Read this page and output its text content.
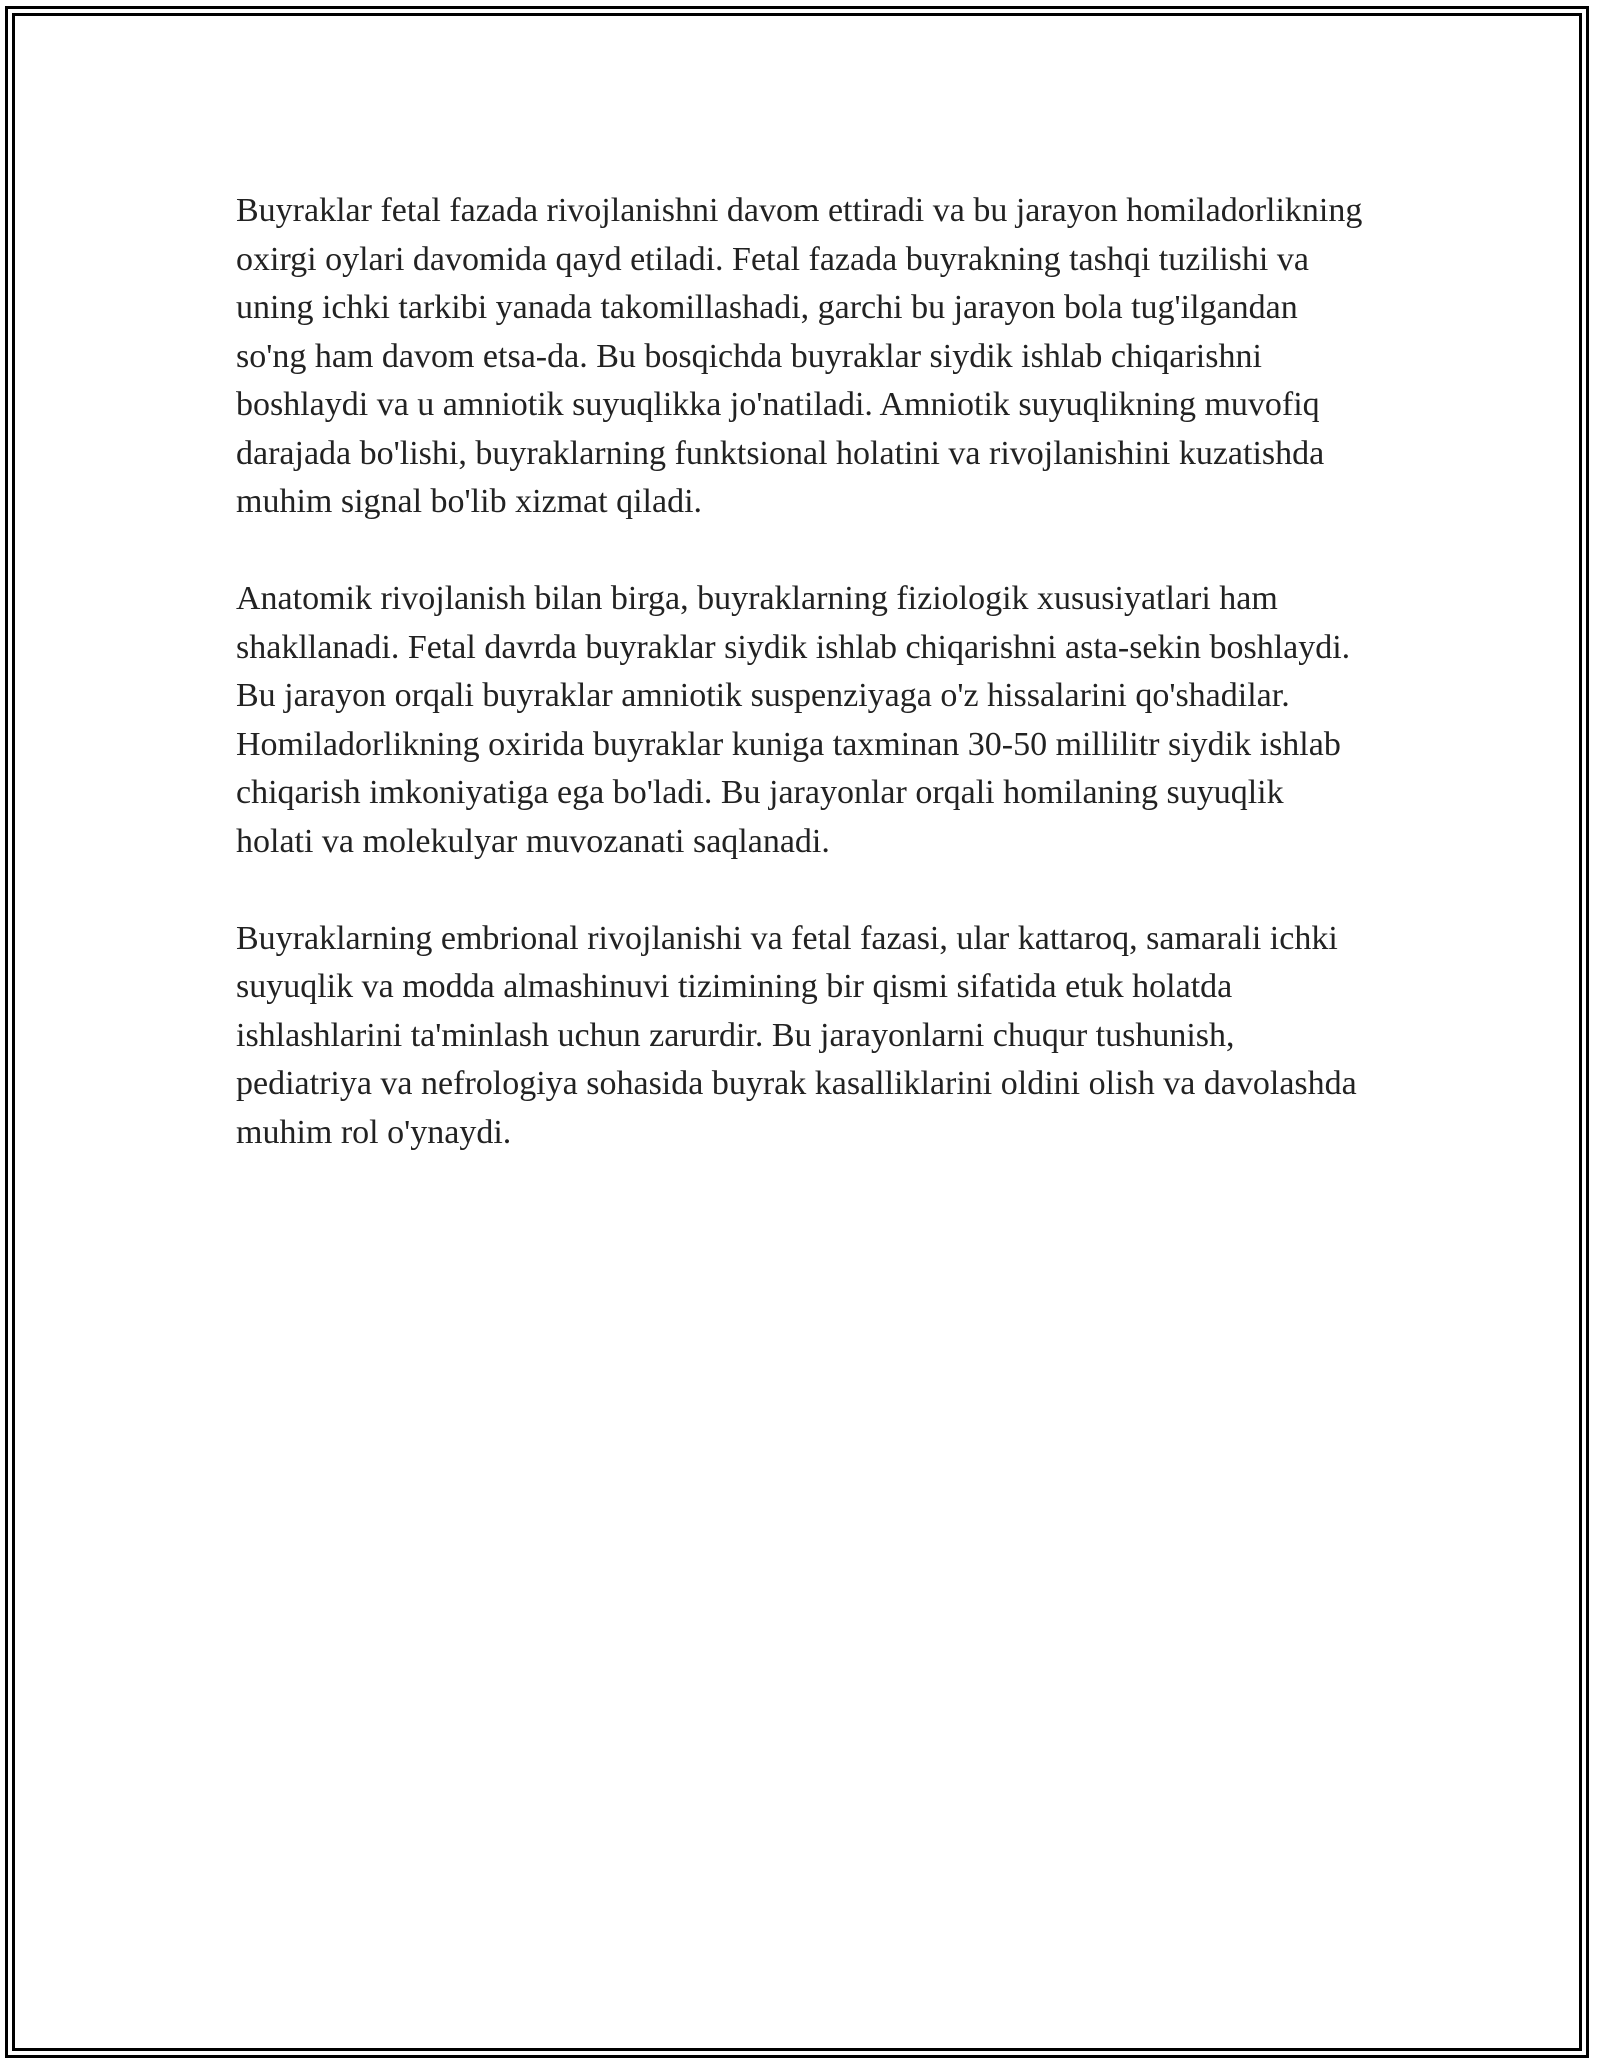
Buyraklar fetal fazada rivojlanishni davom ettiradi va bu jarayon homiladorlikning oxirgi oylari davomida qayd etiladi. Fetal fazada buyrakning tashqi tuzilishi va uning ichki tarkibi yanada takomillashadi, garchi bu jarayon bola tug'ilgandan so'ng ham davom etsa-da. Bu bosqichda buyraklar siydik ishlab chiqarishni boshlaydi va u amniotik suyuqlikka jo'natiladi. Amniotik suyuqlikning muvofiq darajada bo'lishi, buyraklarning funktsional holatini va rivojlanishini kuzatishda muhim signal bo'lib xizmat qiladi.

Anatomik rivojlanish bilan birga, buyraklarning fiziologik xususiyatlari ham shakllanadi. Fetal davrda buyraklar siydik ishlab chiqarishni asta-sekin boshlaydi. Bu jarayon orqali buyraklar amniotik suspenziyaga o'z hissalarini qo'shadilar. Homiladorlikning oxirida buyraklar kuniga taxminan 30-50 millilitr siydik ishlab chiqarish imkoniyatiga ega bo'ladi. Bu jarayonlar orqali homilaning suyuqlik holati va molekulyar muvozanati saqlanadi.

Buyraklarning embrional rivojlanishi va fetal fazasi, ular kattaroq, samarali ichki suyuqlik va modda almashinuvi tizimining bir qismi sifatida etuk holatda ishlashlarini ta'minlash uchun zarurdir. Bu jarayonlarni chuqur tushunish, pediatriya va nefrologiya sohasida buyrak kasalliklarini oldini olish va davolashda muhim rol o'ynaydi.
